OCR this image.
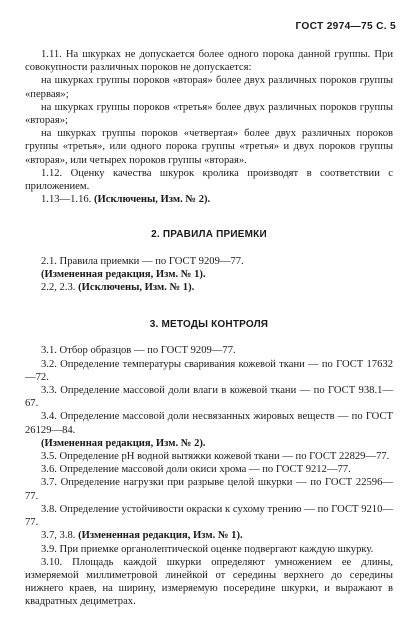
ГОСТ 2974—75 С. 5

1.11. На шкурках не допускается более одного порока данной группы. При совокупности различных пороков не допускается:

на шкурках группы пороков «вторая» более двух различных пороков группы «первая»;

на шкурках группы пороков «третья» более двух различных пороков группы «вторая»;

на шкурках группы пороков «четвертая» более двух различных пороков группы «третья», или одного порока группы «третья» и двух пороков группы «вторая», или четырех пороков группы «вторая».

1.12. Оценку качества шкурок кролика производят в соответствии с приложением.

1.13—1.16. (Исключены, Изм. № 2).

2. ПРАВИЛА ПРИЕМКИ

2.1. Правила приемки — по ГОСТ 9209—77.

(Измененная редакция, Изм. № 1).

2.2, 2.3. (Исключены, Изм. № 1).

3. МЕТОДЫ КОНТРОЛЯ

3.1. Отбор образцов — по ГОСТ 9209—77.

3.2. Определение температуры сваривания кожевой ткани — по ГОСТ 17632—72.

3.3. Определение массовой доли влаги в кожевой ткани — по ГОСТ 938.1—67.

3.4. Определение массовой доли несвязанных жировых веществ — по ГОСТ 26129—84.

(Измененная редакция, Изм. № 2).

3.5. Определение pH водной вытяжки кожевой ткани — по ГОСТ 22829—77.

3.6. Определение массовой доли окиси хрома — по ГОСТ 9212—77.

3.7. Определение нагрузки при разрыве целой шкурки — по ГОСТ 22596—77.

3.8. Определение устойчивости окраски к сухому трению — по ГОСТ 9210—77.

3.7, 3.8. (Измененная редакция, Изм. № 1).

3.9. При приемке органолептической оценке подвергают каждую шкурку.

3.10. Площадь каждой шкурки определяют умножением ее длины, измеряемой миллиметровой линейкой от середины верхнего до середины нижнего краев, на ширину, измеряемую посередине шкурки, и выражают в квадратных дециметрах.
